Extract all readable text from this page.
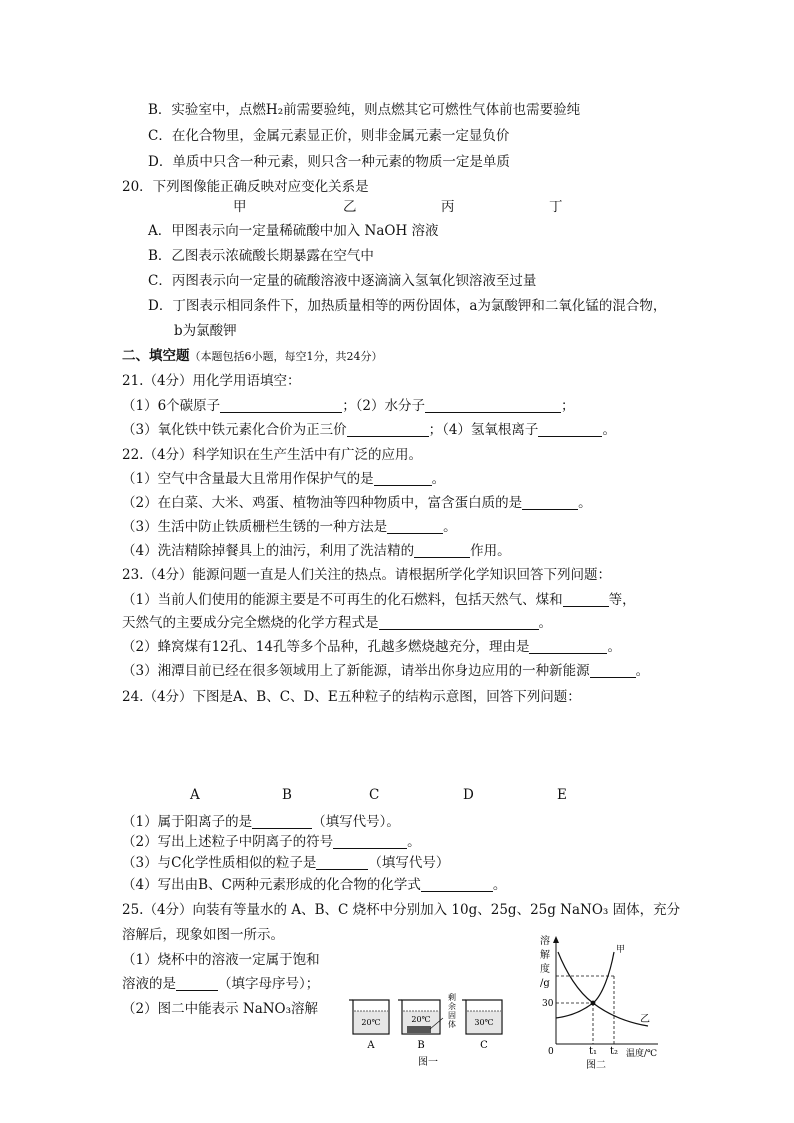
B．实验室中，点燃H₂前需要验纯，则点燃其它可燃性气体前也需要验纯
C．在化合物里，金属元素显正价，则非金属元素一定显负价
D．单质中只含一种元素，则只含一种元素的物质一定是单质
20．下列图像能正确反映对应变化关系是
甲	乙	丙	丁
A．甲图表示向一定量稀硫酸中加入 NaOH 溶液
B．乙图表示浓硫酸长期暴露在空气中
C．丙图表示向一定量的硫酸溶液中逐滴滴入氢氧化钡溶液至过量
D．丁图表示相同条件下，加热质量相等的两份固体，a为氯酸钾和二氧化锰的混合物，
b为氯酸钾
二、填空题（本题包括6小题，每空1分，共24分）
21.（4分）用化学用语填空：
（1）6个碳原子	；（2）水分子	；
（3）氧化铁中铁元素化合价为正三价	；（4）氢氧根离子	。
22.（4分）科学知识在生产生活中有广泛的应用。
（1）空气中含量最大且常用作保护气的是	。
（2）在白菜、大米、鸡蛋、植物油等四种物质中，富含蛋白质的是	。
（3）生活中防止铁质栅栏生锈的一种方法是	。
（4）洗洁精除掉餐具上的油污，利用了洗洁精的	作用。
23.（4分）能源问题一直是人们关注的热点。请根据所学化学知识回答下列问题：
（1）当前人们使用的能源主要是不可再生的化石燃料，包括天然气、煤和	等，
天然气的主要成分完全燃烧的化学方程式是	。
（2）蜂窝煤有12孔、14孔等多个品种，孔越多燃烧越充分，理由是	。
（3）湘潭目前已经在很多领域用上了新能源，请举出你身边应用的一种新能源	。
24.（4分）下图是A、B、C、D、E五种粒子的结构示意图，回答下列问题：
A	B	C	D	E
（1）属于阳离子的是	（填写代号）。
（2）写出上述粒子中阴离子的符号	。
（3）与C化学性质相似的粒子是	（填写代号）
（4）写出由B、C两种元素形成的化合物的化学式	。
25.（4分）向装有等量水的 A、B、C 烧杯中分别加入 10g、25g、25g NaNO₃ 固体，充分
溶解后，现象如图一所示。
（1）烧杯中的溶液一定属于饱和
溶液的是	（填字母序号）；
（2）图二中能表示 NaNO₃溶解
20℃
A
20℃
B
剩余固体 30℃
C
图一
溶
解
度
/g
甲
乙
30
0	t₁ t₂ 温度/℃
图二
